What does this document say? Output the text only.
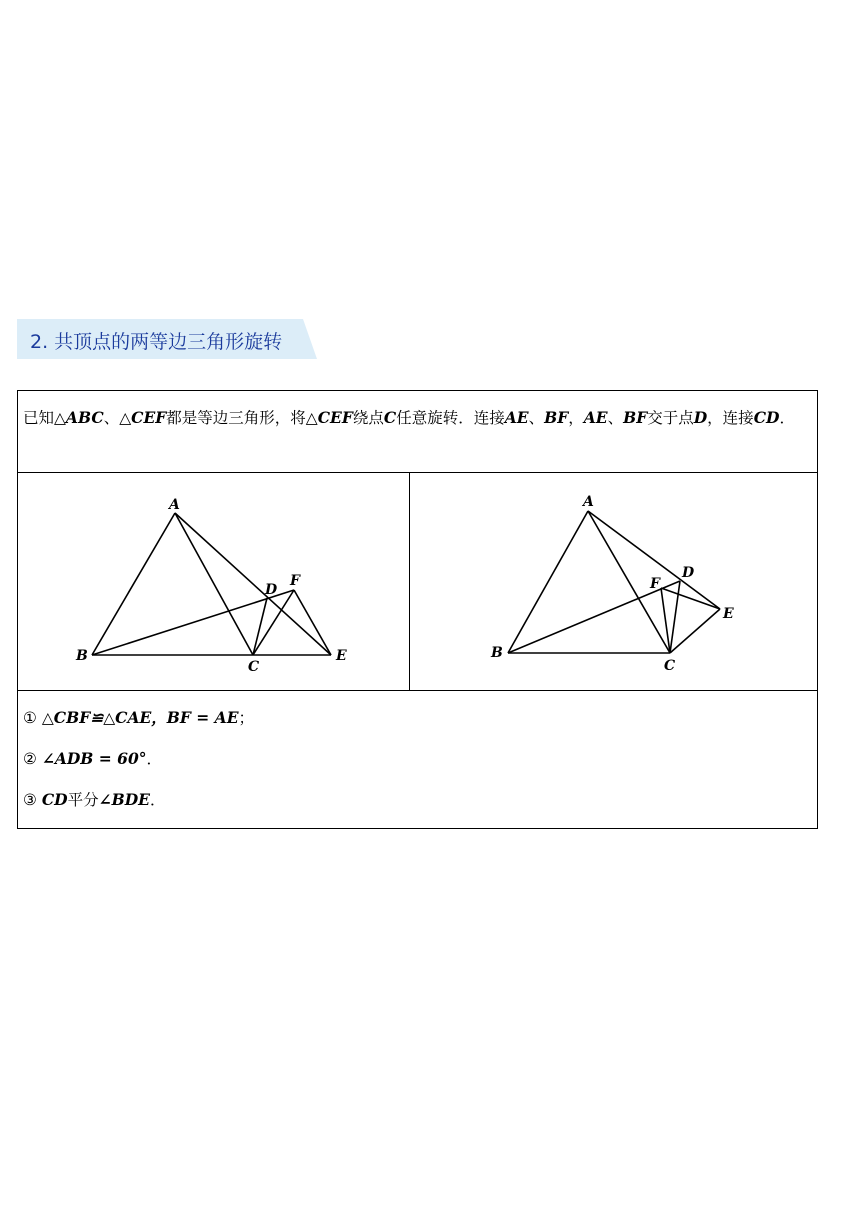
2. 共顶点的两等边三角形旋转
已知△ABC、△CEF都是等边三角形，将△CEF绕点C任意旋转．连接AE、BF，AE、BF交于点D，连接CD．

A
B
C
D
E
F

A
B
C
D
E
F

① △CBF≌△CAE，BF = AE；
② ∠ADB = 60°．
③ CD平分∠BDE．
